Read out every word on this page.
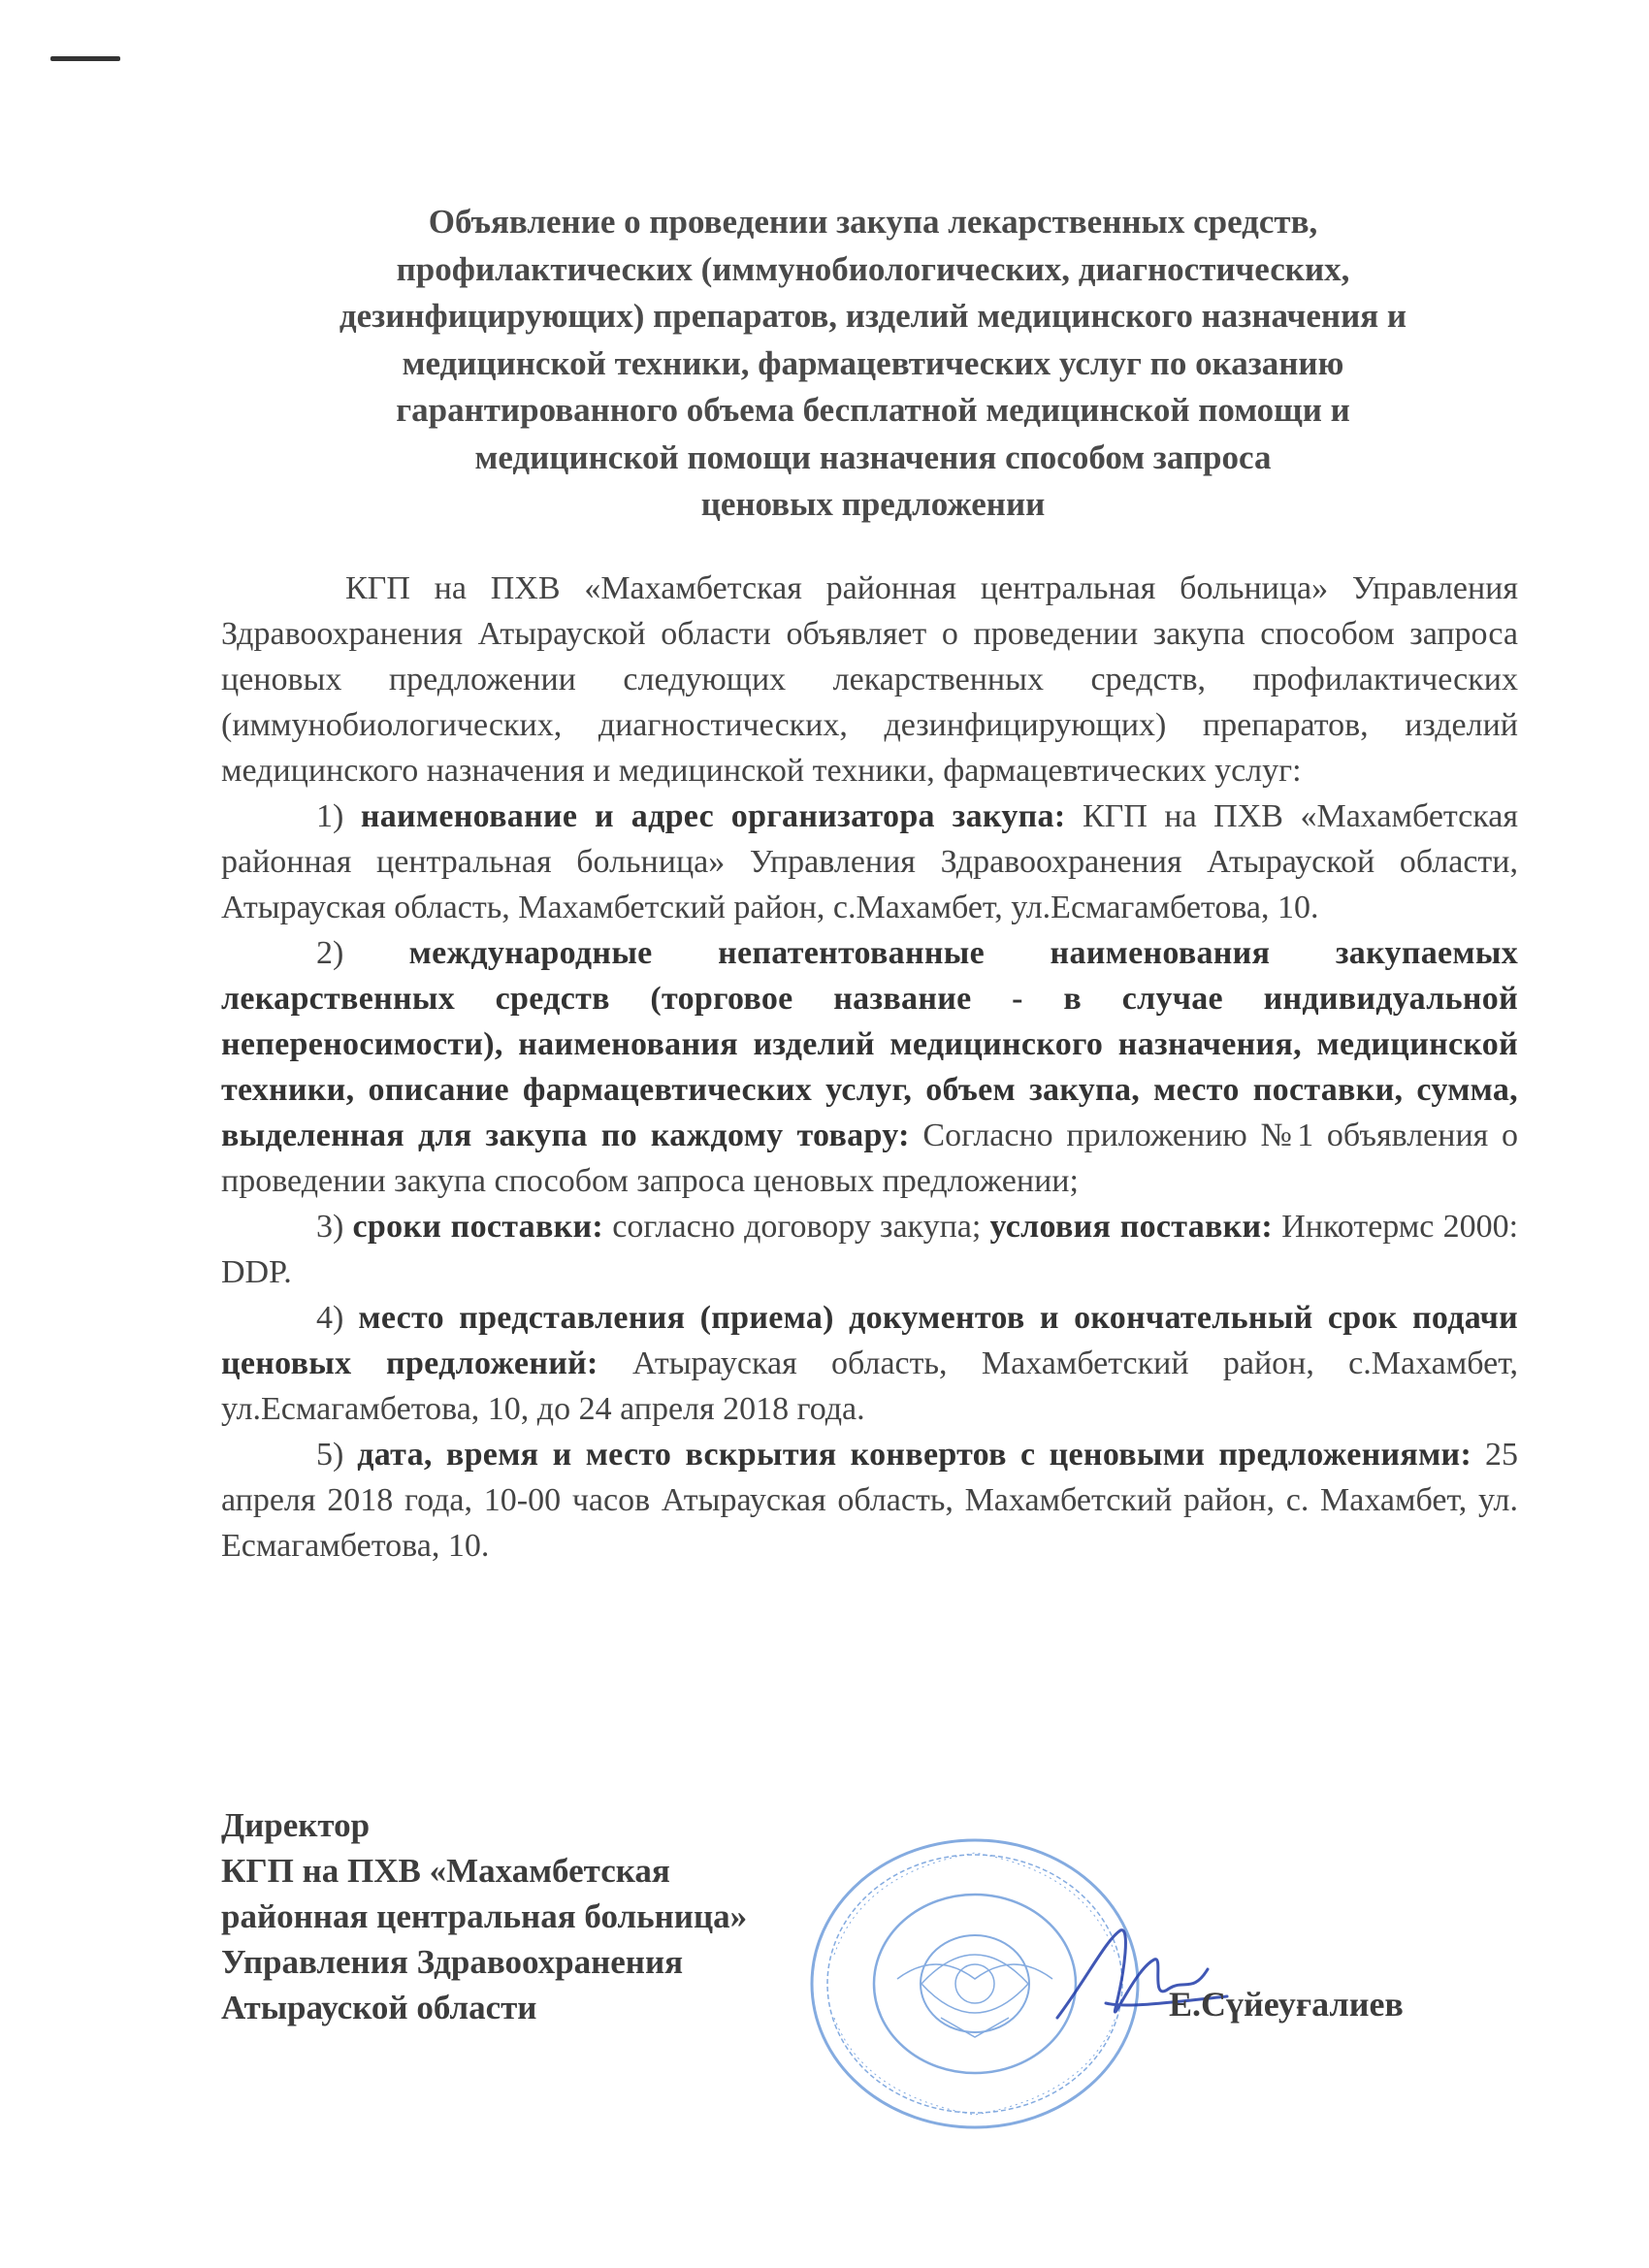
Объявление о проведении закупа лекарственных средств,
профилактических (иммунобиологических, диагностических,
дезинфицирующих) препаратов, изделий медицинского назначения и
медицинской техники, фармацевтических услуг по оказанию
гарантированного объема бесплатной медицинской помощи и
медицинской помощи назначения способом запроса
ценовых предложении

КГП на ПХВ «Махамбетская районная центральная больница» Управления Здравоохранения Атырауской области объявляет о проведении закупа способом запроса ценовых предложении следующих лекарственных средств, профилактических (иммунобиологических, диагностических, дезинфицирующих) препаратов, изделий медицинского назначения и медицинской техники, фармацевтических услуг:

1) наименование и адрес организатора закупа: КГП на ПХВ «Махамбетская районная центральная больница» Управления Здравоохранения Атырауской области, Атырауская область, Махамбетский район, с.Махамбет, ул.Есмагамбетова, 10.

2) международные непатентованные наименования закупаемых лекарственных средств (торговое название - в случае индивидуальной непереносимости), наименования изделий медицинского назначения, медицинской техники, описание фармацевтических услуг, объем закупа, место поставки, сумма, выделенная для закупа по каждому товару: Согласно приложению №1 объявления о проведении закупа способом запроса ценовых предложении;

3) сроки поставки: согласно договору закупа; условия поставки: Инкотермс 2000: DDP.

4) место представления (приема) документов и окончательный срок подачи ценовых предложений: Атырауская область, Махамбетский район, с.Махамбет, ул.Есмагамбетова, 10, до 24 апреля 2018 года.

5) дата, время и место вскрытия конвертов с ценовыми предложениями: 25 апреля 2018 года, 10-00 часов Атырауская область, Махамбетский район, с. Махамбет, ул. Есмагамбетова, 10.

Директор
КГП на ПХВ «Махамбетская
районная центральная больница»
Управления Здравоохранения
Атырауской области	Е.Сүйеуғалиев
